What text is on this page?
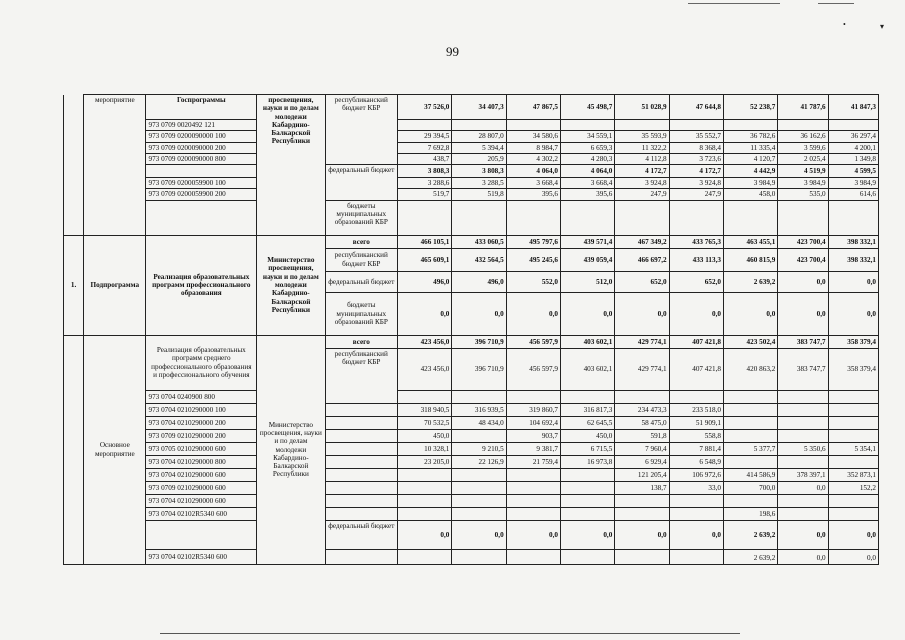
99
•	▾
	мероприятие	Госпрограммы	просвещения, науки и по делам молодежи Кабардино-Балкарской Республики	республиканский бюджет КБР	37 526,0	34 407,3	47 867,5	45 498,7	51 028,9	47 644,8	52 238,7	41 787,6	41 847,3
		973 0709 0020492 121											
		973 0709 0200090000 100			29 394,5	28 807,0	34 580,6	34 559,1	35 593,9	35 552,7	36 782,6	36 162,6	36 297,4
		973 0709 0200090000 200			7 692,8	5 394,4	8 984,7	6 659,3	11 322,2	8 368,4	11 335,4	3 599,6	4 200,1
		973 0709 0200090000 800			438,7	205,9	4 302,2	4 280,3	4 112,8	3 723,6	4 120,7	2 025,4	1 349,8
				федеральный бюджет	3 808,3	3 808,3	4 064,0	4 064,0	4 172,7	4 172,7	4 442,9	4 519,9	4 599,5
		973 0709 0200059900 100			3 288,6	3 288,5	3 668,4	3 668,4	3 924,8	3 924,8	3 984,9	3 984,9	3 984,9
		973 0709 0200059900 200			519,7	519,8	395,6	395,6	247,9	247,9	458,0	535,0	614,6
				бюджеты муниципальных образований КБР									
1.	Подпрограмма	Реализация образовательных программ профессионального образования	Министерство просвещения, науки и по делам молодежи Кабардино-Балкарской Республики	всего	466 105,1	433 060,5	495 797,6	439 571,4	467 349,2	433 765,3	463 455,1	423 700,4	398 332,1
				республиканский бюджет КБР	465 609,1	432 564,5	495 245,6	439 059,4	466 697,2	433 113,3	460 815,9	423 700,4	398 332,1
				федеральный бюджет	496,0	496,0	552,0	512,0	652,0	652,0	2 639,2	0,0	0,0
				бюджеты муниципальных образований КБР	0,0	0,0	0,0	0,0	0,0	0,0	0,0	0,0	0,0
	Основное мероприятие	Реализация образовательных программ среднего профессионального образования и профессионального обучения	Министерство просвещения, науки и по делам молодежи Кабардино-Балкарской Республики	всего	423 456,0	396 710,9	456 597,9	403 602,1	429 774,1	407 421,8	423 502,4	383 747,7	358 379,4
				республиканский бюджет КБР	423 456,0	396 710,9	456 597,9	403 602,1	429 774,1	407 421,8	420 863,2	383 747,7	358 379,4
		973 0704 0240900 800											
		973 0704 0210290000 100			318 940,5	316 939,5	319 860,7	316 817,3	234 473,3	233 518,0			
		973 0704 0210290000 200			70 532,5	48 434,0	104 692,4	62 645,5	58 475,0	51 909,1			
		973 0709 0210290000 200			450,0		903,7	450,0	591,8	558,8			
		973 0705 0210290000 600			10 328,1	9 210,5	9 381,7	6 715,5	7 960,4	7 881,4	5 377,7	5 350,6	5 354,1
		973 0704 0210290000 800			23 205,0	22 126,9	21 759,4	16 973,8	6 929,4	6 548,9			
		973 0704 0210290000 600							121 205,4	106 972,6	414 586,9	378 397,1	352 873,1
		973 0709 0210290000 600							138,7	33,0	700,0	0,0	152,2
		973 0704 0210290000 600											
		973 0704 02102R5340 600									198,6		
				федеральный бюджет	0,0	0,0	0,0	0,0	0,0	0,0	2 639,2	0,0	0,0
		973 0704 02102R5340 600									2 639,2	0,0	0,0
